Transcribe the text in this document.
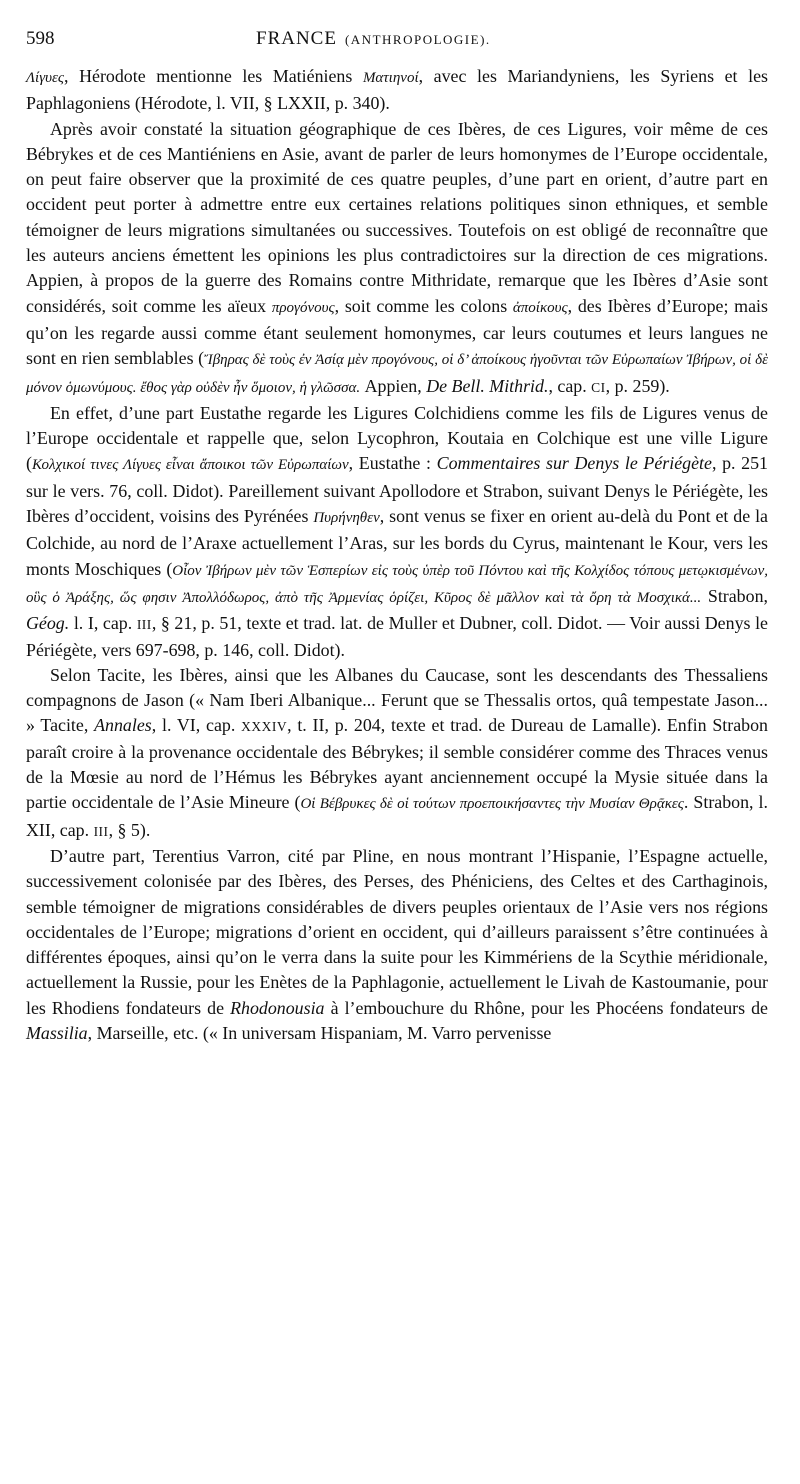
598	FRANCE (ANTHROPOLOGIE).

Λίγυες, Hérodote mentionne les Matiéniens Ματιηνοί, avec les Mariandyniens, les Syriens et les Paphlagoniens (Hérodote, l. VII, § LXXII, p. 340).

Après avoir constaté la situation géographique de ces Ibères, de ces Ligures, voir même de ces Bébrykes et de ces Mantiéniens en Asie, avant de parler de leurs homonymes de l’Europe occidentale, on peut faire observer que la proximité de ces quatre peuples, d’une part en orient, d’autre part en occident peut porter à admettre entre eux certaines relations politiques sinon ethniques, et semble témoigner de leurs migrations simultanées ou successives. Toutefois on est obligé de reconnaître que les auteurs anciens émettent les opinions les plus contradictoires sur la direction de ces migrations. Appien, à propos de la guerre des Romains contre Mithridate, remarque que les Ibères d’Asie sont considérés, soit comme les aïeux προγόνους, soit comme les colons ἀποίκους, des Ibères d’Europe; mais qu’on les regarde aussi comme étant seulement homonymes, car leurs coutumes et leurs langues ne sont en rien semblables (Ἴβηρας δὲ τοὺς ἐν Ἀσίᾳ μὲν προγόνους, οἱ δ’ ἀποίκους ἡγοῦνται τῶν Εὐρωπαίων Ἰβήρων, οἱ δὲ μόνον ὁμωνύμους. ἔθος γὰρ οὐδὲν ἦν ὅμοιον, ἡ γλῶσσα. Appien, De Bell. Mithrid., cap. CI, p. 259).

En effet, d’une part Eustathe regarde les Ligures Colchidiens comme les fils de Ligures venus de l’Europe occidentale et rappelle que, selon Lycophron, Koutaia en Colchique est une ville Ligure (Κολχικοί τινες Λίγυες εἶναι ἄποικοι τῶν Εὐρωπαίων, Eustathe : Commentaires sur Denys le Périégète, p. 251 sur le vers. 76, coll. Didot). Pareillement suivant Apollodore et Strabon, suivant Denys le Périégète, les Ibères d’occident, voisins des Pyrénées Πυρήνηθεν, sont venus se fixer en orient au-delà du Pont et de la Colchide, au nord de l’Araxe actuellement l’Aras, sur les bords du Cyrus, maintenant le Kour, vers les monts Moschiques (Οἶον Ἰβήρων μὲν τῶν Ἑσπερίων εἰς τοὺς ὑπὲρ τοῦ Πόντου καὶ τῆς Κολχίδος τόπους μετῳκισμένων, οὓς ὁ Ἀράξης, ὥς φησιν Ἀπολλόδωρος, ἀπὸ τῆς Ἀρμενίας ὁρίζει, Κῦρος δὲ μᾶλλον καὶ τὰ ὄρη τὰ Μοσχικά... Strabon, Géog. l. I, cap. III, § 21, p. 51, texte et trad. lat. de Muller et Dubner, coll. Didot. — Voir aussi Denys le Périégète, vers 697-698, p. 146, coll. Didot).

Selon Tacite, les Ibères, ainsi que les Albanes du Caucase, sont les descendants des Thessaliens compagnons de Jason (« Nam Iberi Albanique... Ferunt que se Thessalis ortos, quâ tempestate Jason... » Tacite, Annales, l. VI, cap. XXXIV, t. II, p. 204, texte et trad. de Dureau de Lamalle). Enfin Strabon paraît croire à la provenance occidentale des Bébrykes; il semble considérer comme des Thraces venus de la Mœsie au nord de l’Hémus les Bébrykes ayant anciennement occupé la Mysie située dans la partie occidentale de l’Asie Mineure (Οἱ Βέβρυκες δὲ οἱ τούτων προεποικήσαντες τὴν Μυσίαν Θρᾷκες. Strabon, l. XII, cap. III, § 5).

D’autre part, Terentius Varron, cité par Pline, en nous montrant l’Hispanie, l’Espagne actuelle, successivement colonisée par des Ibères, des Perses, des Phéniciens, des Celtes et des Carthaginois, semble témoigner de migrations considérables de divers peuples orientaux de l’Asie vers nos régions occidentales de l’Europe; migrations d’orient en occident, qui d’ailleurs paraissent s’être continuées à différentes époques, ainsi qu’on le verra dans la suite pour les Kimmériens de la Scythie méridionale, actuellement la Russie, pour les Enètes de la Paphlagonie, actuellement le Livah de Kastoumanie, pour les Rhodiens fondateurs de Rhodonousia à l’embouchure du Rhône, pour les Phocéens fondateurs de Massilia, Marseille, etc. (« In universam Hispaniam, M. Varro pervenisse
